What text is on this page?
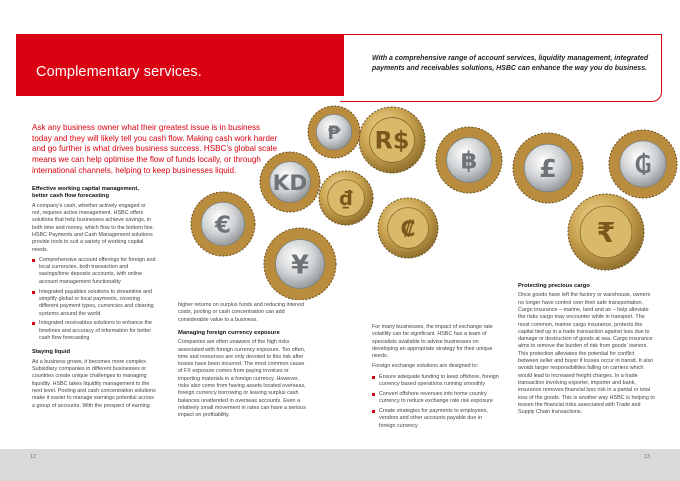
Complementary services.
With a comprehensive range of account services, liquidity management, integrated payments and receivables solutions, HSBC can enhance the way you do business.
Ask any business owner what their greatest issue is in business today and they will likely tell you cash flow. Making cash work harder and go further is what drives business success. HSBC’s global scale means we can help optimise the flow of funds locally, or through international channels, helping to keep businesses liquid.
R$
KD
₫
€
₱
฿ £	₲
₹
¥
₡
Effective working capital management, better cash flow forecasting

A company’s cash, whether actively engaged or not, requires active management. HSBC offers solutions that help businesses achieve savings, in both time and money, which flow to the bottom line. HSBC Payments and Cash Management solutions provide tools to suit a variety of working capital needs.

Comprehensive account offerings for foreign and local currencies, both transaction and savings/time deposits accounts, with online account management functionality
Integrated payables solutions to streamline and simplify global or local payments, covering different payment types, currencies and clearing systems around the world
Integrated receivables solutions to enhance the timelines and accuracy of information for better cash flow forecasting
Staying liquid

As a business grows, it becomes more complex. Subsidiary companies in different businesses or countries create unique challenges to managing liquidity. HSBC takes liquidity management to the next level. Pooling and cash concentration solutions make it easier to manage earnings potential across a group of accounts. With the prospect of earning

higher returns on surplus funds and reducing interest costs, pooling or cash concentration can add considerable value to a business.

Managing foreign currency exposure

Companies are often unaware of the high risks associated with foreign currency exposure. Too often, time and resources are only devoted to this risk after losses have been incurred. The most common cause of FX exposure comes from paying invoices or importing materials in a foreign currency. However, risks also come from having assets located overseas, foreign currency borrowing or leaving surplus cash balances unattended in overseas accounts. Even a relatively small movement in rates can have a serious impact on profitability.

For many businesses, the impact of exchange rate volatility can be significant. HSBC has a team of specialists available to advise businesses on developing an appropriate strategy for their unique needs.

Foreign exchange solutions are designed to:

Ensure adequate funding to keep offshore, foreign currency based operations running smoothly
Convert offshore revenues into home country currency to reduce exchange rate risk exposure
Create strategies for payments to employees, vendors and other accounts payable due in foreign currency
Protecting precious cargo

Once goods have left the factory or warehouse, owners no longer have control over their safe transportation. Cargo insurance – marine, land and air – help alleviate the risks cargo may encounter while in transport. The most common, marine cargo insurance, protects the capital tied up in a trade transaction against loss due to damage or destruction of goods at sea. Cargo insurance aims to remove the burden of risk from goods’ owners. This protection alleviates the potential for conflict between seller and buyer if losses occur in transit. It also avoids larger responsibilities falling on carriers which would lead to increased freight charges. In a trade transaction involving exporter, importer and bank, insurance removes financial loss risk in a partial or total loss of the goods. This is another way HSBC is helping to lessen the financial risks associated with Trade and Supply Chain transactions.

12	13
